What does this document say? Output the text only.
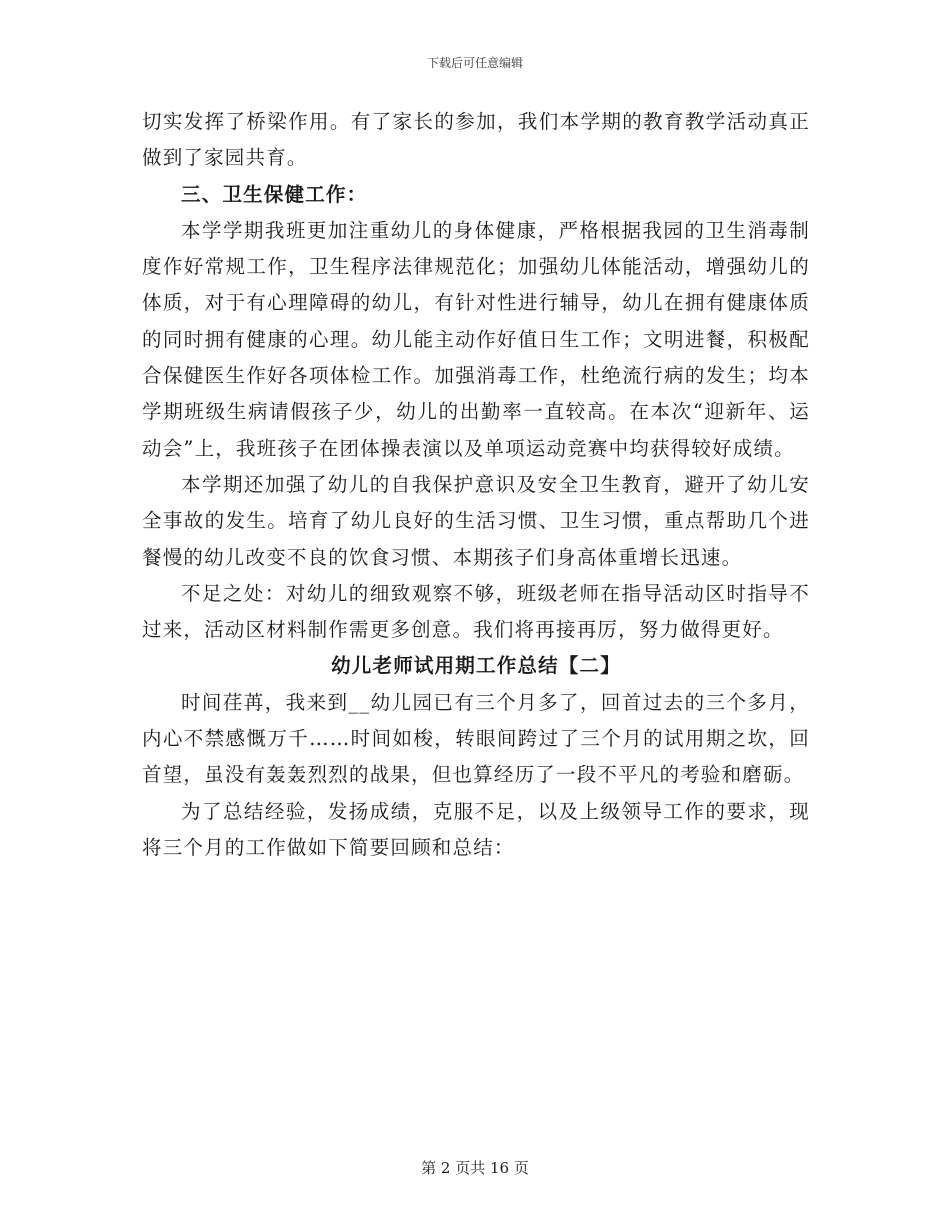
下载后可任意编辑

切实发挥了桥梁作用。有了家长的参加，我们本学期的教育教学活动真正做到了家园共育。

三、卫生保健工作：

本学学期我班更加注重幼儿的身体健康，严格根据我园的卫生消毒制度作好常规工作，卫生程序法律规范化；加强幼儿体能活动，增强幼儿的体质，对于有心理障碍的幼儿，有针对性进行辅导，幼儿在拥有健康体质的同时拥有健康的心理。幼儿能主动作好值日生工作；文明进餐，积极配合保健医生作好各项体检工作。加强消毒工作，杜绝流行病的发生；均本学期班级生病请假孩子少，幼儿的出勤率一直较高。在本次“迎新年、运动会”上，我班孩子在团体操表演以及单项运动竞赛中均获得较好成绩。

本学期还加强了幼儿的自我保护意识及安全卫生教育，避开了幼儿安全事故的发生。培育了幼儿良好的生活习惯、卫生习惯，重点帮助几个进餐慢的幼儿改变不良的饮食习惯、本期孩子们身高体重增长迅速。

不足之处：对幼儿的细致观察不够，班级老师在指导活动区时指导不过来，活动区材料制作需更多创意。我们将再接再厉，努力做得更好。

幼儿老师试用期工作总结【二】

时间荏苒，我来到__幼儿园已有三个月多了，回首过去的三个多月，内心不禁感慨万千……时间如梭，转眼间跨过了三个月的试用期之坎，回首望，虽没有轰轰烈烈的战果，但也算经历了一段不平凡的考验和磨砺。

为了总结经验，发扬成绩，克服不足，以及上级领导工作的要求，现将三个月的工作做如下简要回顾和总结：

第 2 页共 16 页
